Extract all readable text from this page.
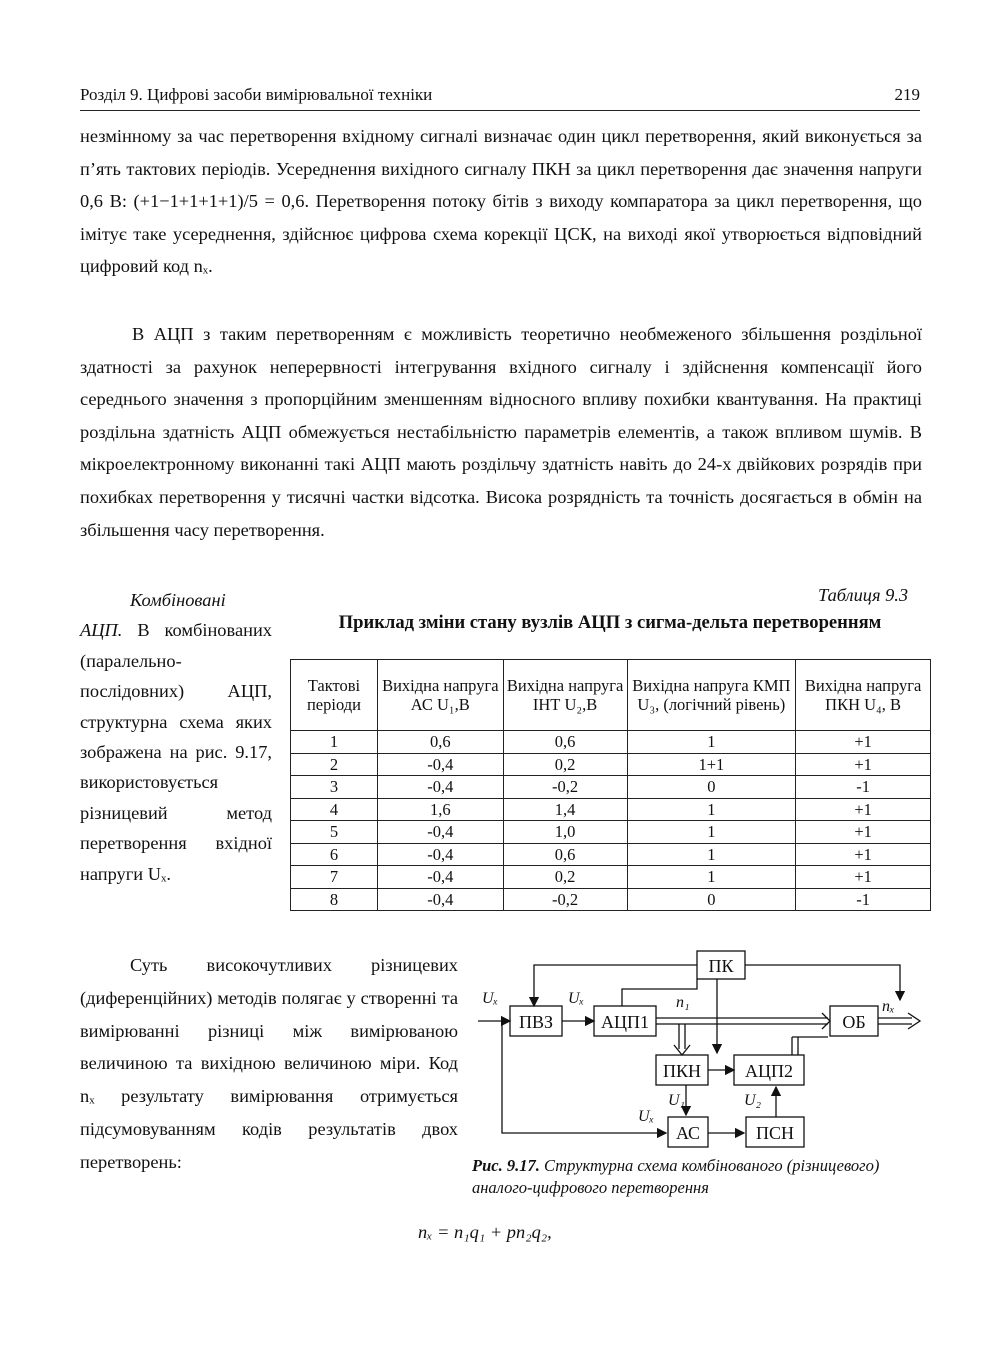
Розділ 9. Цифрові засоби вимірювальної техніки	219
незмінному за час перетворення вхідному сигналі визначає один цикл перетворення, який виконується за п’ять тактових періодів. Усереднення вихідного сигналу ПКН за цикл перетворення дає значення напруги 0,6 В: (+1−1+1+1+1)/5 = 0,6. Перетворення потоку бітів з виходу компаратора за цикл перетворення, що імітує таке усереднення, здійснює цифрова схема корекції ЦСК, на виході якої утворюється відповідний цифровий код nₓ.
В АЦП з таким перетворенням є можливість теоретично необмеженого збільшення роздільної здатності за рахунок неперервності інтегрування вхідного сигналу і здійснення компенсації його середнього значення з пропорційним зменшенням відносного впливу похибки квантування. На практиці роздільна здатність АЦП обмежується нестабільністю параметрів елементів, а також впливом шумів. В мікроелектронному виконанні такі АЦП мають роздільчу здатність навіть до 24-х двійкових розрядів при похибках перетворення у тисячні частки відсотка. Висока розрядність та точність досягається в обмін на збільшення часу перетворення.
Комбіновані АЦП. В комбінованих (паралельно-послідовних) АЦП, структурна схема яких зображена на рис. 9.17, використовується різницевий метод перетворення вхідної напруги Uₓ.
Таблиця 9.3
Приклад зміни стану вузлів АЦП з сигма-дельта перетворенням
Тактові періоди	Вихідна напруга АС U₁,В	Вихідна напруга ІНТ U₂,В	Вихідна напруга КМП U₃, (логічний рівень)	Вихідна напруга ПКН U₄, В
1	0,6	0,6	1	+1
2	-0,4	0,2	1+1	+1
3	-0,4	-0,2	0	-1
4	1,6	1,4	1	+1
5	-0,4	1,0	1	+1
6	-0,4	0,6	1	+1
7	-0,4	0,2	1	+1
8	-0,4	-0,2	0	-1
Суть високочутливих різницевих (диференційних) методів полягає у створенні та вимірюванні різниці між вимірюваною величиною та вихідною величиною міри. Код nₓ результату вимірювання отримується підсумовуванням кодів результатів двох перетворень:
ПК
ПВЗ	АЦП1	ОБ
ПКН АЦП2
АС	ПСН
Uₓ	Uₓ
Uₓ
n₁	nₓ
U₁	U₂
Рис. 9.17. Структурна схема комбінованого (різницевого) аналого-цифрового перетворення
nₓ = n₁q₁ + pn₂q₂,
